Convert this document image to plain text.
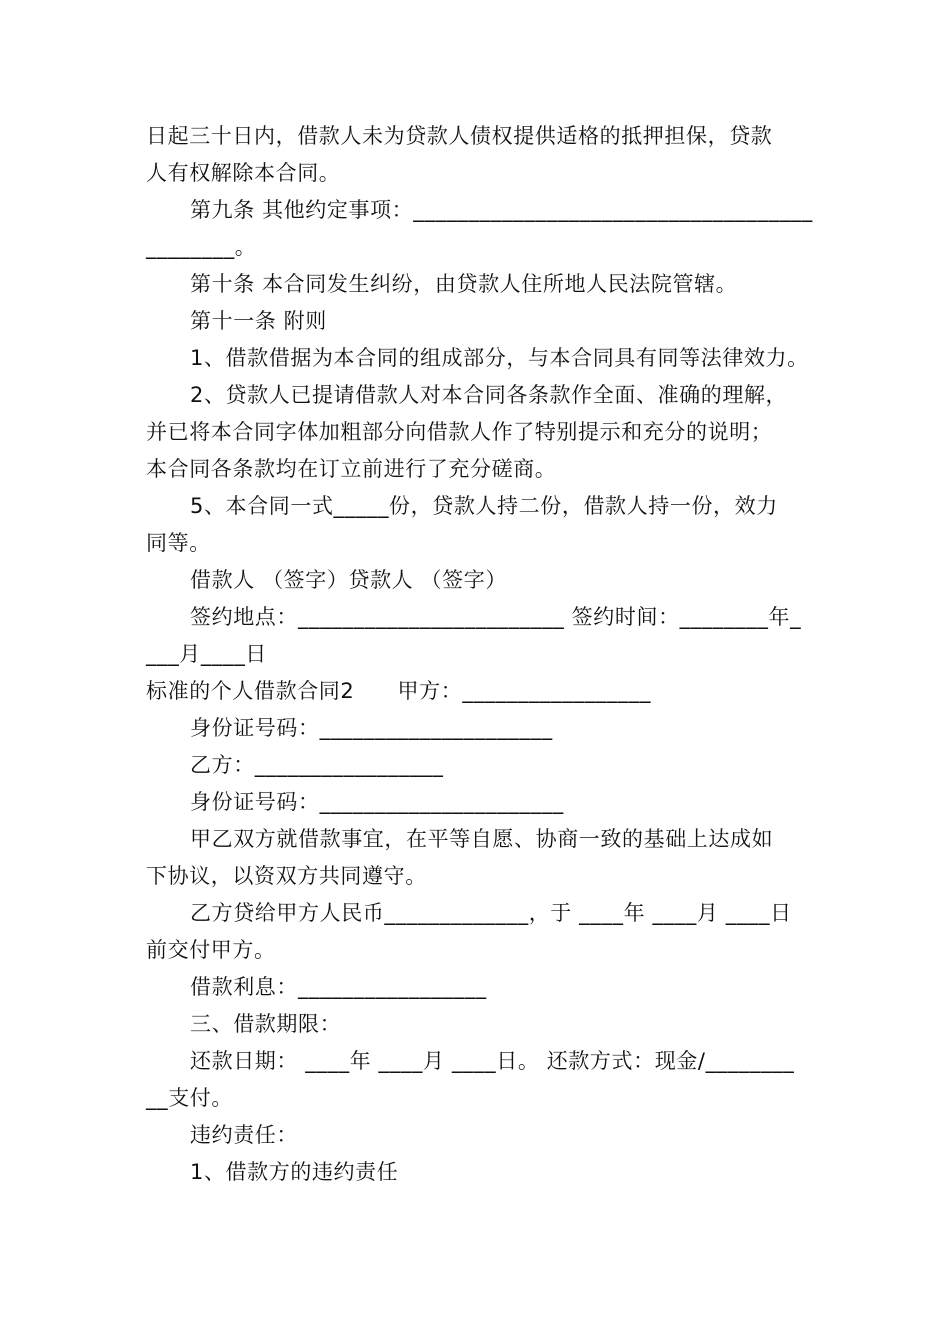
日起三十日内，借款人未为贷款人债权提供适格的抵押担保，贷款
人有权解除本合同。
第九条 其他约定事项：____________________________________
________。
第十条 本合同发生纠纷，由贷款人住所地人民法院管辖。
第十一条 附则
1、借款借据为本合同的组成部分，与本合同具有同等法律效力。
2、贷款人已提请借款人对本合同各条款作全面、准确的理解，
并已将本合同字体加粗部分向借款人作了特别提示和充分的说明；
本合同各条款均在订立前进行了充分磋商。
5、本合同一式_____份，贷款人持二份，借款人持一份，效力
同等。
借款人 （签字）贷款人 （签字）
签约地点：________________________ 签约时间：________年_
___月____日
标准的个人借款合同2　　甲方：_________________
身份证号码：_____________________
乙方：_________________
身份证号码：______________________
甲乙双方就借款事宜，在平等自愿、协商一致的基础上达成如
下协议，以资双方共同遵守。
乙方贷给甲方人民币_____________，于 ____年 ____月 ____日
前交付甲方。
借款利息：_________________
三、借款期限：
还款日期： ____年 ____月 ____日。 还款方式：现金/________
__支付。
违约责任：
1、借款方的违约责任
